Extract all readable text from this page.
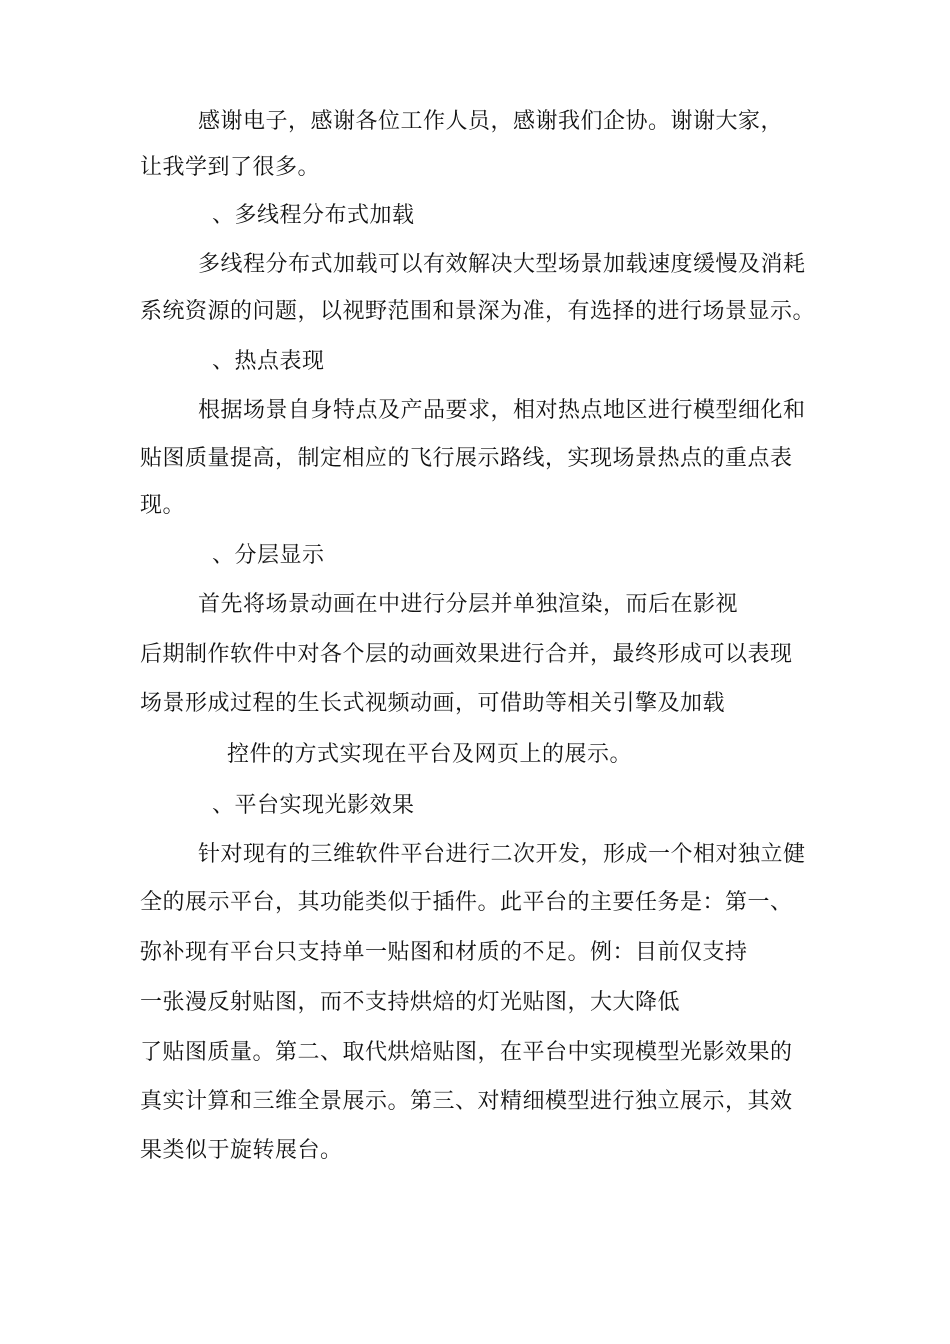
感谢电子，感谢各位工作人员，感谢我们企协。谢谢大家，
让我学到了很多。
、多线程分布式加载
多线程分布式加载可以有效解决大型场景加载速度缓慢及消耗
系统资源的问题，以视野范围和景深为准，有选择的进行场景显示。
、热点表现
根据场景自身特点及产品要求，相对热点地区进行模型细化和
贴图质量提高，制定相应的飞行展示路线，实现场景热点的重点表
现。
、分层显示
首先将场景动画在中进行分层并单独渲染，而后在影视
后期制作软件中对各个层的动画效果进行合并，最终形成可以表现
场景形成过程的生长式视频动画，可借助等相关引擎及加载
控件的方式实现在平台及网页上的展示。
、平台实现光影效果
针对现有的三维软件平台进行二次开发，形成一个相对独立健
全的展示平台，其功能类似于插件。此平台的主要任务是：第一、
弥补现有平台只支持单一贴图和材质的不足。例：目前仅支持
一张漫反射贴图，而不支持烘焙的灯光贴图，大大降低
了贴图质量。第二、取代烘焙贴图，在平台中实现模型光影效果的
真实计算和三维全景展示。第三、对精细模型进行独立展示，其效
果类似于旋转展台。
